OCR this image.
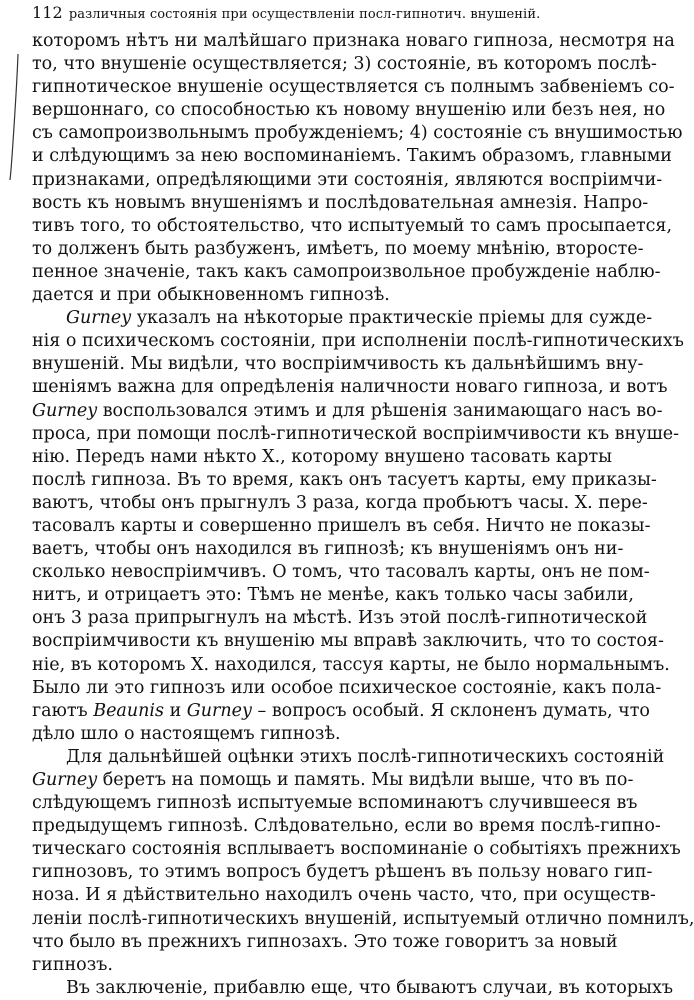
112 различныя состоянія при осуществленіи посл-гипнотич. внушеній.
которомъ нѣтъ ни малѣйшаго признака новаго гипноза, несмотря на
то, что внушеніе осуществляется; 3) состояніе, въ которомъ послѣ-
гипнотическое внушеніе осуществляется съ полнымъ забвеніемъ со-
вершоннаго, со способностью къ новому внушенію или безъ нея, но
съ самопроизвольнымъ пробужденіемъ; 4) состояніе съ внушимостью
и слѣдующимъ за нею воспоминаніемъ. Такимъ образомъ, главными
признаками, опредѣляющими эти состоянія, являются воспріимчи-
вость къ новымъ внушеніямъ и послѣдовательная амнезія. Напро-
тивъ того, то обстоятельство, что испытуемый то самъ просыпается,
то долженъ быть разбуженъ, имѣетъ, по моему мнѣнію, второсте-
пенное значеніе, такъ какъ самопроизвольное пробужденіе наблю-
дается и при обыкновенномъ гипнозѣ.
Gurney указалъ на нѣкоторые практическіе пріемы для сужде-
нія о психическомъ состояніи, при исполненіи послѣ-гипнотическихъ
внушеній. Мы видѣли, что воспріимчивость къ дальнѣйшимъ вну-
шеніямъ важна для опредѣленія наличности новаго гипноза, и вотъ
Gurney воспользовался этимъ и для рѣшенія занимающаго насъ во-
проса, при помощи послѣ-гипнотической воспріимчивости къ внуше-
нію. Передъ нами нѣкто X., которому внушено тасовать карты
послѣ гипноза. Въ то время, какъ онъ тасуетъ карты, ему приказы-
ваютъ, чтобы онъ прыгнулъ 3 раза, когда пробьютъ часы. X. пере-
тасовалъ карты и совершенно пришелъ въ себя. Ничто не показы-
ваетъ, чтобы онъ находился въ гипнозѣ; къ внушеніямъ онъ ни-
сколько невоспріимчивъ. О томъ, что тасовалъ карты, онъ не пом-
нитъ, и отрицаетъ это: Тѣмъ не менѣе, какъ только часы забили,
онъ 3 раза припрыгнулъ на мѣстѣ. Изъ этой послѣ-гипнотической
воспріимчивости къ внушенію мы вправѣ заключить, что то состоя-
ніе, въ которомъ X. находился, тассуя карты, не было нормальнымъ.
Было ли это гипнозъ или особое психическое состояніе, какъ пола-
гаютъ Beaunis и Gurney – вопросъ особый. Я склоненъ думать, что
дѣло шло о настоящемъ гипнозѣ.
Для дальнѣйшей оцѣнки этихъ послѣ-гипнотическихъ состояній
Gurney беретъ на помощь и память. Мы видѣли выше, что въ по-
слѣдующемъ гипнозѣ испытуемые вспоминаютъ случившееся въ
предыдущемъ гипнозѣ. Слѣдовательно, если во время послѣ-гипно-
тическаго состоянія всплываетъ воспоминаніе о событіяхъ прежнихъ
гипнозовъ, то этимъ вопросъ будетъ рѣшенъ въ пользу новаго гип-
ноза. И я дѣйствительно находилъ очень часто, что, при осуществ-
леніи послѣ-гипнотическихъ внушеній, испытуемый отлично помнилъ,
что было въ прежнихъ гипнозахъ. Это тоже говоритъ за новый
гипнозъ.
Въ заключеніе, прибавлю еще, что бываютъ случаи, въ которыхъ
